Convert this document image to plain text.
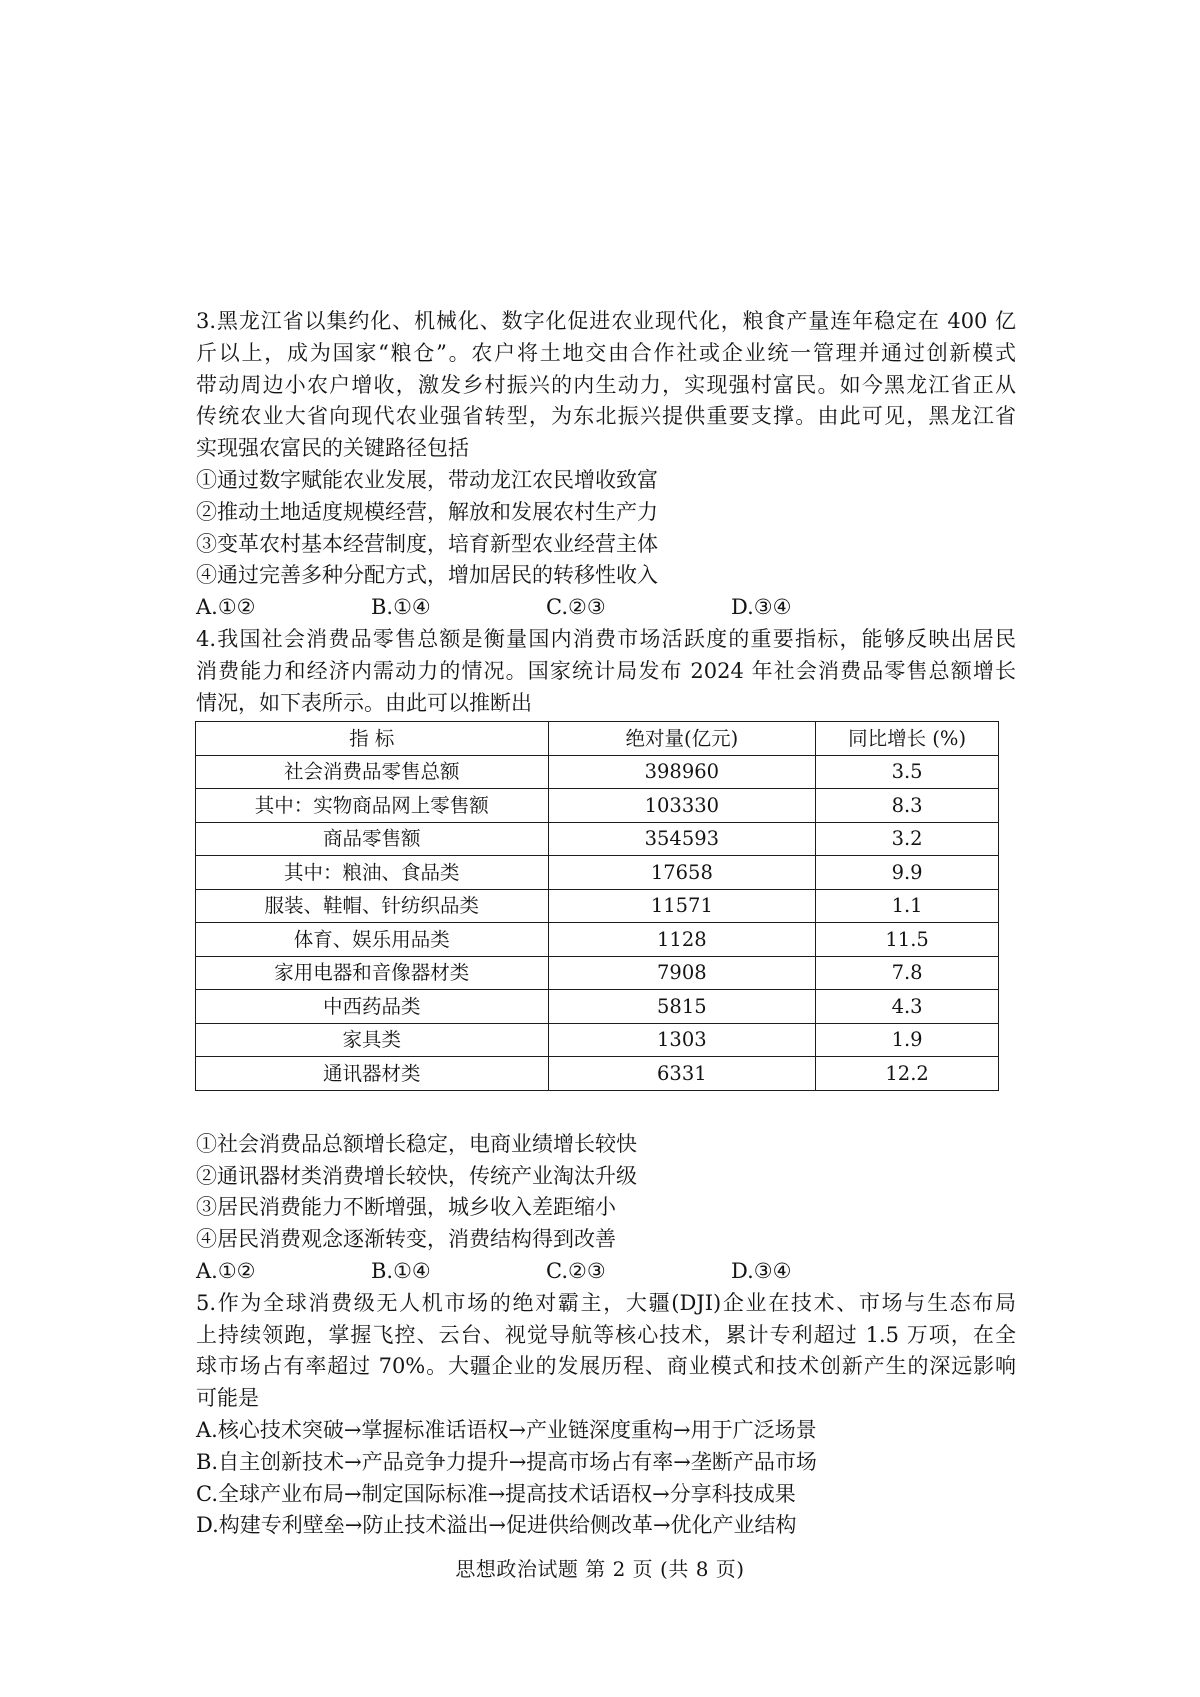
3.黑龙江省以集约化、机械化、数字化促进农业现代化，粮食产量连年稳定在 400 亿
斤以上，成为国家“粮仓”。农户将土地交由合作社或企业统一管理并通过创新模式
带动周边小农户增收，激发乡村振兴的内生动力，实现强村富民。如今黑龙江省正从
传统农业大省向现代农业强省转型，为东北振兴提供重要支撑。由此可见，黑龙江省
实现强农富民的关键路径包括
①通过数字赋能农业发展，带动龙江农民增收致富
②推动土地适度规模经营，解放和发展农村生产力
③变革农村基本经营制度，培育新型农业经营主体
④通过完善多种分配方式，增加居民的转移性收入
A.①②	B.①④	C.②③	D.③④
4.我国社会消费品零售总额是衡量国内消费市场活跃度的重要指标，能够反映出居民
消费能力和经济内需动力的情况。国家统计局发布 2024 年社会消费品零售总额增长
情况，如下表所示。由此可以推断出
指 标	绝对量(亿元)	同比增长 (%)
社会消费品零售总额	398960	3.5
其中：实物商品网上零售额	103330	8.3
商品零售额	354593	3.2
其中：粮油、食品类	17658	9.9
服装、鞋帽、针纺织品类	11571	1.1
体育、娱乐用品类	1128	11.5
家用电器和音像器材类	7908	7.8
中西药品类	5815	4.3
家具类	1303	1.9
通讯器材类	6331	12.2
①社会消费品总额增长稳定，电商业绩增长较快
②通讯器材类消费增长较快，传统产业淘汰升级
③居民消费能力不断增强，城乡收入差距缩小
④居民消费观念逐渐转变，消费结构得到改善
A.①②	B.①④	C.②③	D.③④
5.作为全球消费级无人机市场的绝对霸主，大疆(DJI)企业在技术、市场与生态布局
上持续领跑，掌握飞控、云台、视觉导航等核心技术，累计专利超过 1.5 万项，在全
球市场占有率超过 70%。大疆企业的发展历程、商业模式和技术创新产生的深远影响
可能是
A.核心技术突破→掌握标准话语权→产业链深度重构→用于广泛场景
B.自主创新技术→产品竞争力提升→提高市场占有率→垄断产品市场
C.全球产业布局→制定国际标准→提高技术话语权→分享科技成果
D.构建专利壁垒→防止技术溢出→促进供给侧改革→优化产业结构
思想政治试题 第 2 页 (共 8 页)
